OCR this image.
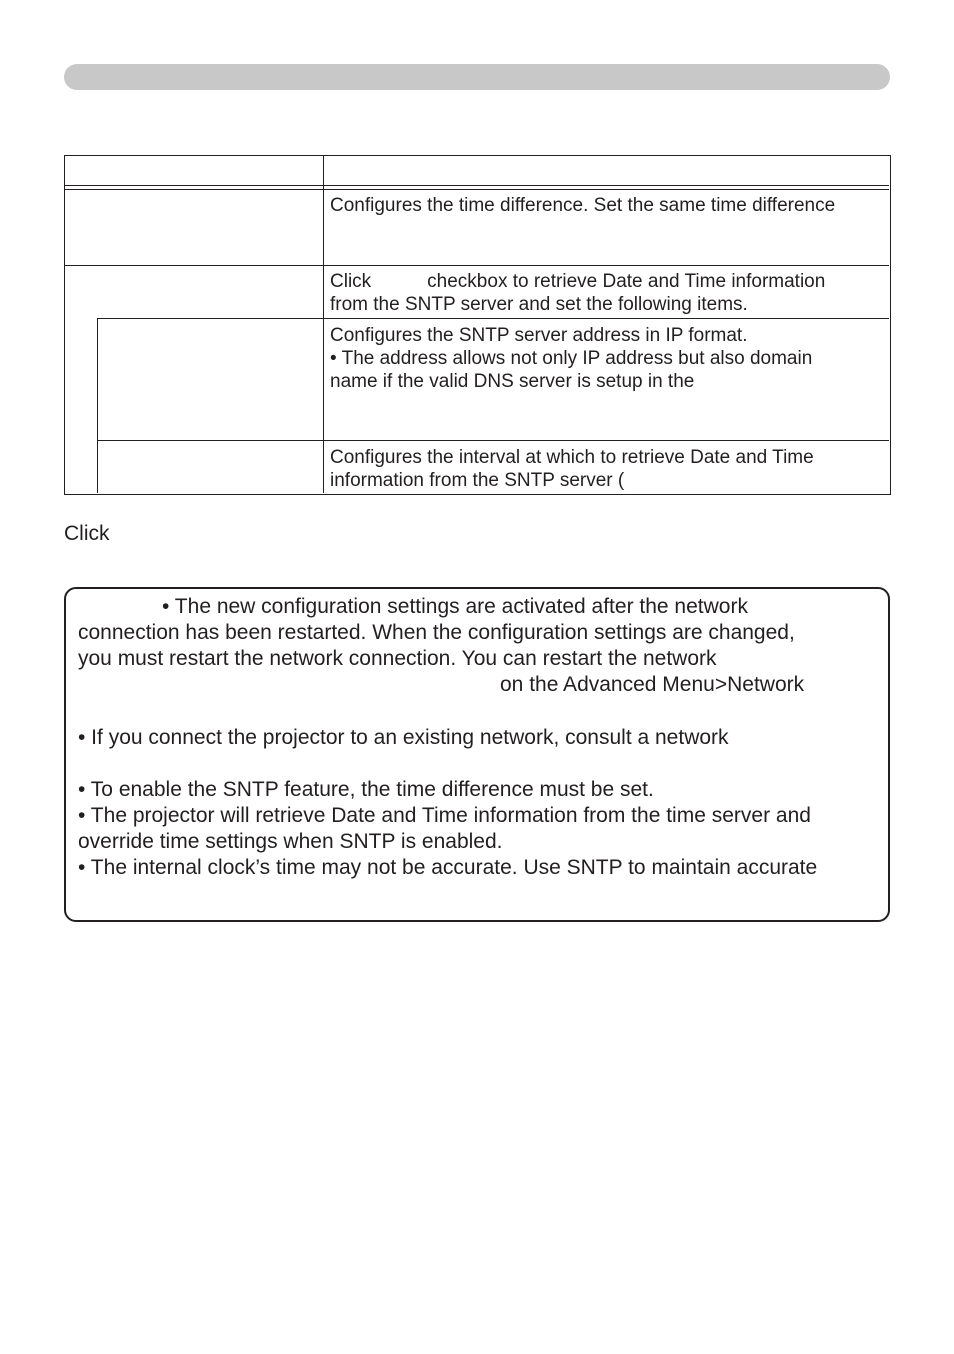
Configures the time difference. Set the same time difference

Click	checkbox to retrieve Date and Time information

from the SNTP server and set the following items.

Configures the SNTP server address in IP format.

• The address allows not only IP address but also domain

name if the valid DNS server is setup in the

Configures the interval at which to retrieve Date and Time

information from the SNTP server (

Click
• The new configuration settings are activated after the network
connection has been restarted. When the configuration settings are changed,
you must restart the network connection. You can restart the network
on the Advanced Menu>Network
• If you connect the projector to an existing network, consult a network
• To enable the SNTP feature, the time difference must be set.
• The projector will retrieve Date and Time information from the time server and
override time settings when SNTP is enabled.
• The internal clock’s time may not be accurate. Use SNTP to maintain accurate
